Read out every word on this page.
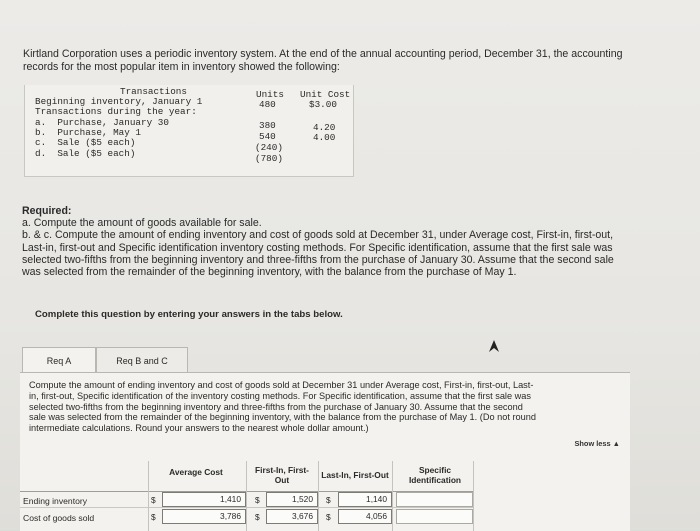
Kirtland Corporation uses a periodic inventory system. At the end of the annual accounting period, December 31, the accounting
records for the most popular item in inventory showed the following:
Transactions	Units Unit Cost
Beginning inventory, January 1	480	$3.00
Transactions during the year:
a.  Purchase, January 30	380	4.20
b.  Purchase, May 1	540	4.00
c.  Sale ($5 each)	(240)
d.  Sale ($5 each)	(780)
Required:
a. Compute the amount of goods available for sale.
b. & c. Compute the amount of ending inventory and cost of goods sold at December 31, under Average cost, First-in, first-out,
Last-in, first-out and Specific identification inventory costing methods. For Specific identification, assume that the first sale was
selected two-fifths from the beginning inventory and three-fifths from the purchase of January 30. Assume that the second sale
was selected from the remainder of the beginning inventory, with the balance from the purchase of May 1.
Complete this question by entering your answers in the tabs below.
Req A	Req B and C
Compute the amount of ending inventory and cost of goods sold at December 31 under Average cost, First-in, first-out, Last-
in, first-out, Specific identification of the inventory costing methods. For Specific identification, assume that the first sale was
selected two-fifths from the beginning inventory and three-fifths from the purchase of January 30. Assume that the second
sale was selected from the remainder of the beginning inventory, with the balance from the purchase of May 1. (Do not round
intermediate calculations. Round your answers to the nearest whole dollar amount.)
Show less ▲
Average Cost	First-In, First-Out	Last-In, First-Out	Specific Identification
Ending inventory	$	1,410 $	1,520 $	1,140
Cost of goods sold	$	3,786 $	3,676 $	4,056
